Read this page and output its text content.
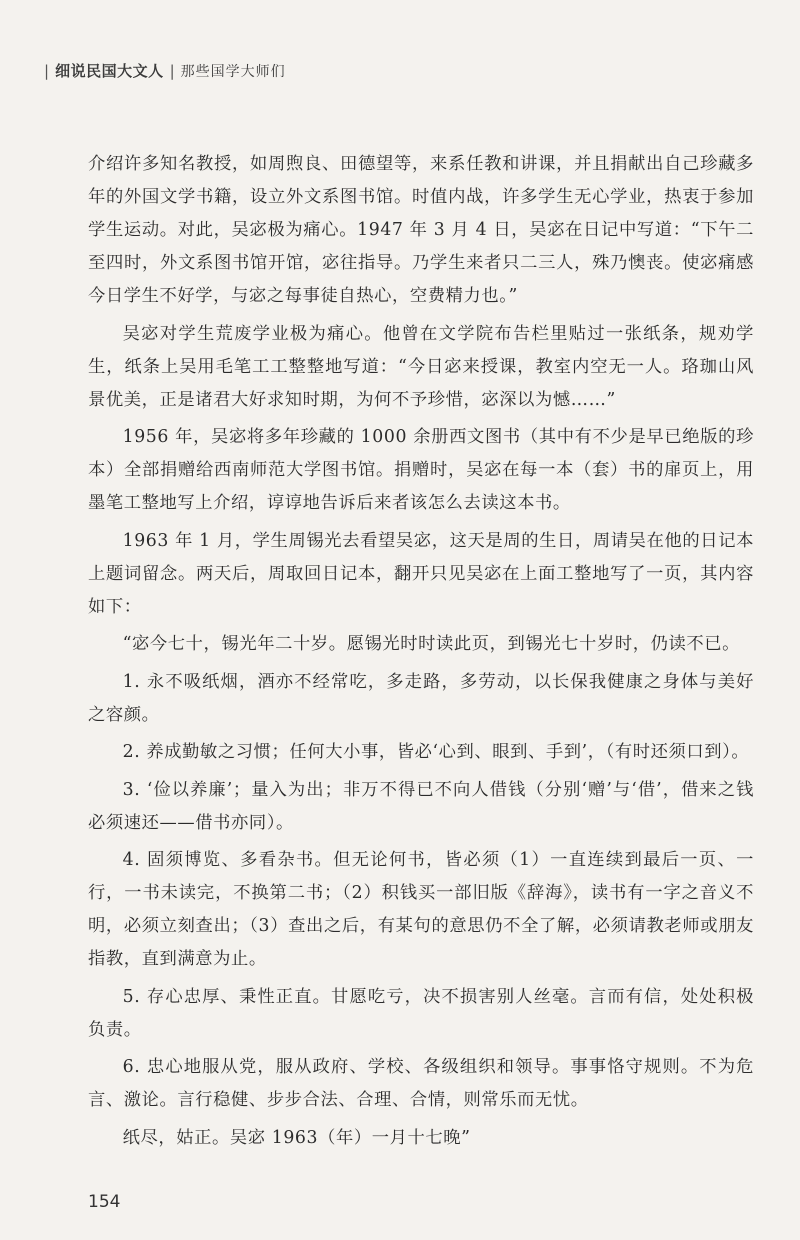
| 细说民国大文人 | 那些国学大师们

介绍许多知名教授，如周煦良、田德望等，来系任教和讲课，并且捐献出自己珍藏多年的外国文学书籍，设立外文系图书馆。时值内战，许多学生无心学业，热衷于参加学生运动。对此，吴宓极为痛心。1947 年 3 月 4 日，吴宓在日记中写道：“下午二至四时，外文系图书馆开馆，宓往指导。乃学生来者只二三人，殊乃懊丧。使宓痛感今日学生不好学，与宓之每事徒自热心，空费精力也。”

吴宓对学生荒废学业极为痛心。他曾在文学院布告栏里贴过一张纸条，规劝学生，纸条上吴用毛笔工工整整地写道：“今日宓来授课，教室内空无一人。珞珈山风景优美，正是诸君大好求知时期，为何不予珍惜，宓深以为憾……”

1956 年，吴宓将多年珍藏的 1000 余册西文图书（其中有不少是早已绝版的珍本）全部捐赠给西南师范大学图书馆。捐赠时，吴宓在每一本（套）书的扉页上，用墨笔工整地写上介绍，谆谆地告诉后来者该怎么去读这本书。

1963 年 1 月，学生周锡光去看望吴宓，这天是周的生日，周请吴在他的日记本上题词留念。两天后，周取回日记本，翻开只见吴宓在上面工整地写了一页，其内容如下：

“宓今七十，锡光年二十岁。愿锡光时时读此页，到锡光七十岁时，仍读不已。

1. 永不吸纸烟，酒亦不经常吃，多走路，多劳动，以长保我健康之身体与美好之容颜。

2. 养成勤敏之习惯；任何大小事，皆必‘心到、眼到、手到’，（有时还须口到）。

3. ‘俭以养廉’；量入为出；非万不得已不向人借钱（分别‘赠’与‘借’，借来之钱必须速还——借书亦同）。

4. 固须博览、多看杂书。但无论何书，皆必须（1）一直连续到最后一页、一行，一书未读完，不换第二书；（2）积钱买一部旧版《辞海》，读书有一字之音义不明，必须立刻查出；（3）查出之后，有某句的意思仍不全了解，必须请教老师或朋友指教，直到满意为止。

5. 存心忠厚、秉性正直。甘愿吃亏，决不损害别人丝毫。言而有信，处处积极负责。

6. 忠心地服从党，服从政府、学校、各级组织和领导。事事恪守规则。不为危言、激论。言行稳健、步步合法、合理、合情，则常乐而无忧。

纸尽，姑正。吴宓 1963（年）一月十七晚”

154
